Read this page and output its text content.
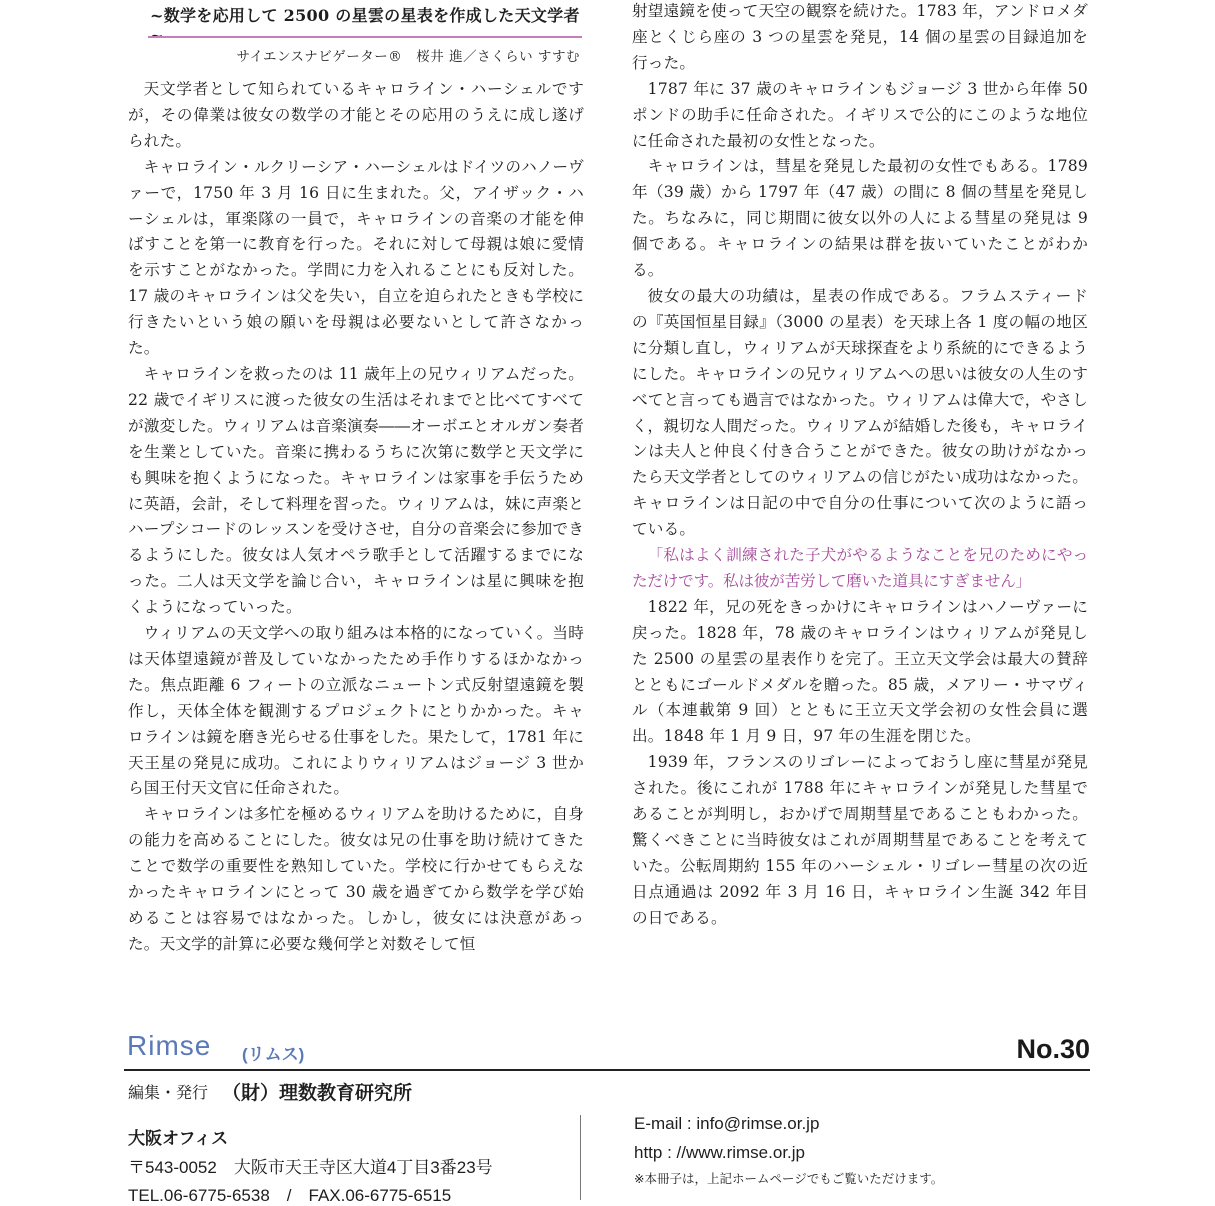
~数学を応用して 2500 の星雲の星表を作成した天文学者
サイエンスナビゲーター®　桜井 進／さくらい すすむ

天文学者として知られているキャロライン・ハーシェルですが，その偉業は彼女の数学の才能とその応用のうえに成し遂げられた。

キャロライン・ルクリーシア・ハーシェルはドイツのハノーヴァーで，1750 年 3 月 16 日に生まれた。父，アイザック・ハーシェルは，軍楽隊の一員で，キャロラインの音楽の才能を伸ばすことを第一に教育を行った。それに対して母親は娘に愛情を示すことがなかった。学問に力を入れることにも反対した。17 歳のキャロラインは父を失い，自立を迫られたときも学校に行きたいという娘の願いを母親は必要ないとして許さなかった。

キャロラインを救ったのは 11 歳年上の兄ウィリアムだった。22 歳でイギリスに渡った彼女の生活はそれまでと比べてすべてが激変した。ウィリアムは音楽演奏――オーボエとオルガン奏者を生業としていた。音楽に携わるうちに次第に数学と天文学にも興味を抱くようになった。キャロラインは家事を手伝うために英語，会計，そして料理を習った。ウィリアムは，妹に声楽とハープシコードのレッスンを受けさせ，自分の音楽会に参加できるようにした。彼女は人気オペラ歌手として活躍するまでになった。二人は天文学を論じ合い，キャロラインは星に興味を抱くようになっていった。

ウィリアムの天文学への取り組みは本格的になっていく。当時は天体望遠鏡が普及していなかったため手作りするほかなかった。焦点距離 6 フィートの立派なニュートン式反射望遠鏡を製作し，天体全体を観測するプロジェクトにとりかかった。キャロラインは鏡を磨き光らせる仕事をした。果たして，1781 年に天王星の発見に成功。これによりウィリアムはジョージ 3 世から国王付天文官に任命された。

キャロラインは多忙を極めるウィリアムを助けるために，自身の能力を高めることにした。彼女は兄の仕事を助け続けてきたことで数学の重要性を熟知していた。学校に行かせてもらえなかったキャロラインにとって 30 歳を過ぎてから数学を学び始めることは容易ではなかった。しかし，彼女には決意があった。天文学的計算に必要な幾何学と対数そして恒

射望遠鏡を使って天空の観察を続けた。1783 年，アンドロメダ座とくじら座の 3 つの星雲を発見，14 個の星雲の目録追加を行った。

1787 年に 37 歳のキャロラインもジョージ 3 世から年俸 50 ポンドの助手に任命された。イギリスで公的にこのような地位に任命された最初の女性となった。

キャロラインは，彗星を発見した最初の女性でもある。1789 年（39 歳）から 1797 年（47 歳）の間に 8 個の彗星を発見した。ちなみに，同じ期間に彼女以外の人による彗星の発見は 9 個である。キャロラインの結果は群を抜いていたことがわかる。

彼女の最大の功績は，星表の作成である。フラムスティードの『英国恒星目録』（3000 の星表）を天球上各 1 度の幅の地区に分類し直し，ウィリアムが天球探査をより系統的にできるようにした。キャロラインの兄ウィリアムへの思いは彼女の人生のすべてと言っても過言ではなかった。ウィリアムは偉大で，やさしく，親切な人間だった。ウィリアムが結婚した後も，キャロラインは夫人と仲良く付き合うことができた。彼女の助けがなかったら天文学者としてのウィリアムの信じがたい成功はなかった。キャロラインは日記の中で自分の仕事について次のように語っている。

「私はよく訓練された子犬がやるようなことを兄のためにやっただけです。私は彼が苦労して磨いた道具にすぎません」

1822 年，兄の死をきっかけにキャロラインはハノーヴァーに戻った。1828 年，78 歳のキャロラインはウィリアムが発見した 2500 の星雲の星表作りを完了。王立天文学会は最大の賛辞とともにゴールドメダルを贈った。85 歳，メアリー・サマヴィル（本連載第 9 回）とともに王立天文学会初の女性会員に選出。1848 年 1 月 9 日，97 年の生涯を閉じた。

1939 年，フランスのリゴレーによっておうし座に彗星が発見された。後にこれが 1788 年にキャロラインが発見した彗星であることが判明し，おかげで周期彗星であることもわかった。驚くべきことに当時彼女はこれが周期彗星であることを考えていた。公転周期約 155 年のハーシェル・リゴレー彗星の次の近日点通過は 2092 年 3 月 16 日，キャロライン生誕 342 年目の日である。

Rimse (リムス)	No.30
編集・発行 （財）理数教育研究所
大阪オフィス
〒543-0052　大阪市天王寺区大道4丁目3番23号
TEL.06-6775-6538　/　FAX.06-6775-6515
E-mail : info@rimse.or.jp
http : //www.rimse.or.jp
※本冊子は，上記ホームページでもご覧いただけます。
